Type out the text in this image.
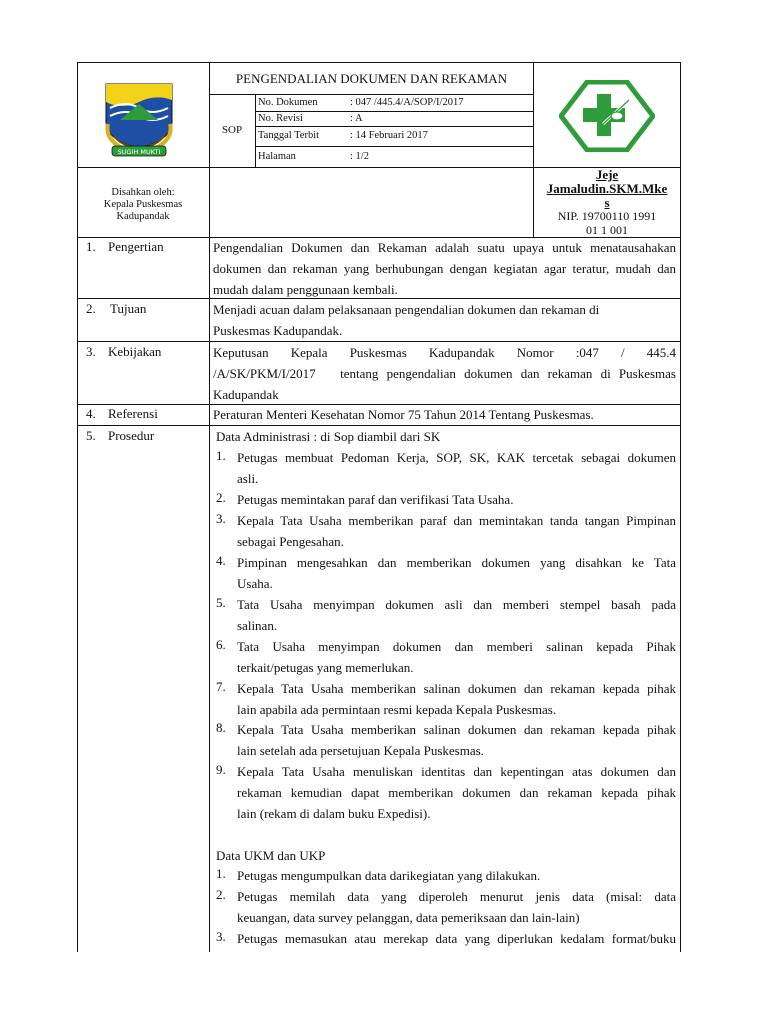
SUGIH MUKTI
PENGENDALIAN DOKUMEN DAN REKAMAN
SOP
No. Dokumen	: 047 /445.4/A/SOP/I/2017
No. Revisi	: A
Tanggal Terbit	: 14 Februari 2017
Halaman	: 1/2
Disahkan oleh:
Kepala Puskesmas
Kadupandak
Jeje
Jamaludin.SKM.Mke
s
NIP. 19700110 1991
01 1 001
1. Pengertian	Pengendalian Dokumen dan Rekaman adalah suatu upaya untuk menatausahakan
dokumen dan rekaman yang berhubungan dengan kegiatan agar teratur, mudah dan
mudah dalam penggunaan kembali.
2. Tujuan	Menjadi acuan dalam pelaksanaan pengendalian dokumen dan rekaman di
Puskesmas Kadupandak.
3. Kebijakan	Keputusan    Kepala    Puskesmas    Kadupandak    Nomor    :047    /    445.4
/A/SK/PKM/I/2017   tentang pengendalian dokumen dan rekaman di Puskesmas
Kadupandak
4. Referensi	Peraturan Menteri Kesehatan Nomor 75 Tahun 2014 Tentang Puskesmas.
5. Prosedur	Data Administrasi : di Sop diambil dari SK
1. Petugas membuat Pedoman Kerja, SOP, SK, KAK tercetak sebagai dokumen
asli.
2. Petugas memintakan paraf dan verifikasi Tata Usaha.
3. Kepala Tata Usaha memberikan paraf dan memintakan tanda tangan Pimpinan
sebagai Pengesahan.
4. Pimpinan mengesahkan dan memberikan dokumen yang disahkan ke Tata
Usaha.
5. Tata Usaha menyimpan dokumen asli dan memberi stempel basah pada
salinan.
6. Tata Usaha menyimpan dokumen dan memberi salinan kepada Pihak
terkait/petugas yang memerlukan.
7. Kepala Tata Usaha memberikan salinan dokumen dan rekaman kepada pihak
lain apabila ada permintaan resmi kepada Kepala Puskesmas.
8. Kepala Tata Usaha memberikan salinan dokumen dan rekaman kepada pihak
lain setelah ada persetujuan Kepala Puskesmas.
9. Kepala Tata Usaha menuliskan identitas dan kepentingan atas dokumen dan
rekaman kemudian dapat memberikan dokumen dan rekaman kepada pihak
lain (rekam di dalam buku Expedisi).
Data UKM dan UKP
1. Petugas mengumpulkan data darikegiatan yang dilakukan.
2. Petugas memilah data yang diperoleh menurut jenis data (misal: data
keuangan, data survey pelanggan, data pemeriksaan dan lain-lain)
3. Petugas memasukan atau merekap data yang diperlukan kedalam format/buku
